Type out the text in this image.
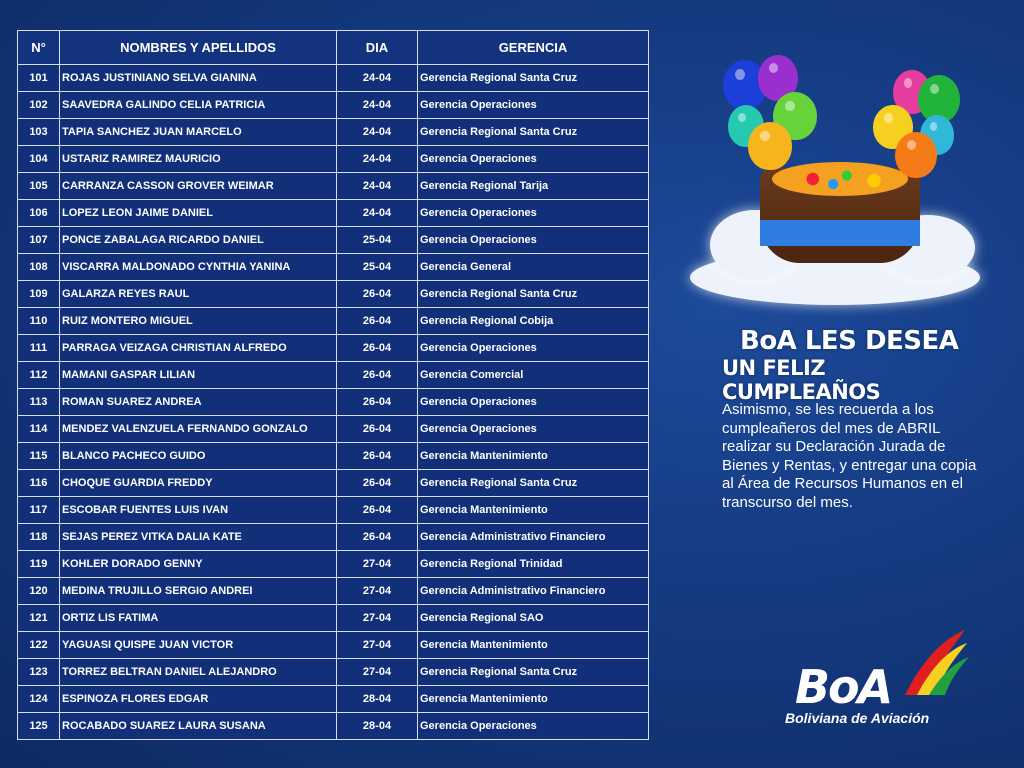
N°	NOMBRES Y APELLIDOS	DIA	GERENCIA
101	ROJAS JUSTINIANO SELVA GIANINA	24-04	Gerencia Regional Santa Cruz
102	SAAVEDRA GALINDO CELIA PATRICIA	24-04	Gerencia Operaciones
103	TAPIA SANCHEZ JUAN MARCELO	24-04	Gerencia Regional Santa Cruz
104	USTARIZ RAMIREZ MAURICIO	24-04	Gerencia Operaciones
105	CARRANZA CASSON GROVER WEIMAR	24-04	Gerencia Regional Tarija
106	LOPEZ LEON JAIME DANIEL	24-04	Gerencia Operaciones
107	PONCE ZABALAGA RICARDO DANIEL	25-04	Gerencia Operaciones
108	VISCARRA MALDONADO CYNTHIA YANINA	25-04	Gerencia General
109	GALARZA REYES RAUL	26-04	Gerencia Regional Santa Cruz
110	RUIZ MONTERO MIGUEL	26-04	Gerencia Regional Cobija
111	PARRAGA VEIZAGA CHRISTIAN ALFREDO	26-04	Gerencia Operaciones
112	MAMANI GASPAR LILIAN	26-04	Gerencia Comercial
113	ROMAN SUAREZ ANDREA	26-04	Gerencia Operaciones
114	MENDEZ VALENZUELA FERNANDO GONZALO	26-04	Gerencia Operaciones
115	BLANCO PACHECO GUIDO	26-04	Gerencia Mantenimiento
116	CHOQUE GUARDIA FREDDY	26-04	Gerencia Regional Santa Cruz
117	ESCOBAR FUENTES LUIS IVAN	26-04	Gerencia Mantenimiento
118	SEJAS PEREZ VITKA DALIA KATE	26-04	Gerencia Administrativo Financiero
119	KOHLER DORADO GENNY	27-04	Gerencia Regional Trinidad
120	MEDINA TRUJILLO SERGIO ANDREI	27-04	Gerencia Administrativo Financiero
121	ORTIZ LIS FATIMA	27-04	Gerencia Regional SAO
122	YAGUASI QUISPE JUAN VICTOR	27-04	Gerencia Mantenimiento
123	TORREZ BELTRAN DANIEL ALEJANDRO	27-04	Gerencia Regional Santa Cruz
124	ESPINOZA FLORES EDGAR	28-04	Gerencia Mantenimiento
125	ROCABADO SUAREZ LAURA SUSANA	28-04	Gerencia Operaciones
BoA LES DESEA
UN FELIZ CUMPLEAÑOS
Asimismo, se les recuerda a los cumpleañeros del mes de ABRIL realizar su Declaración Jurada de Bienes y Rentas, y entregar una copia al Área de Recursos Humanos en el transcurso del mes.
BoA
Boliviana de Aviación
